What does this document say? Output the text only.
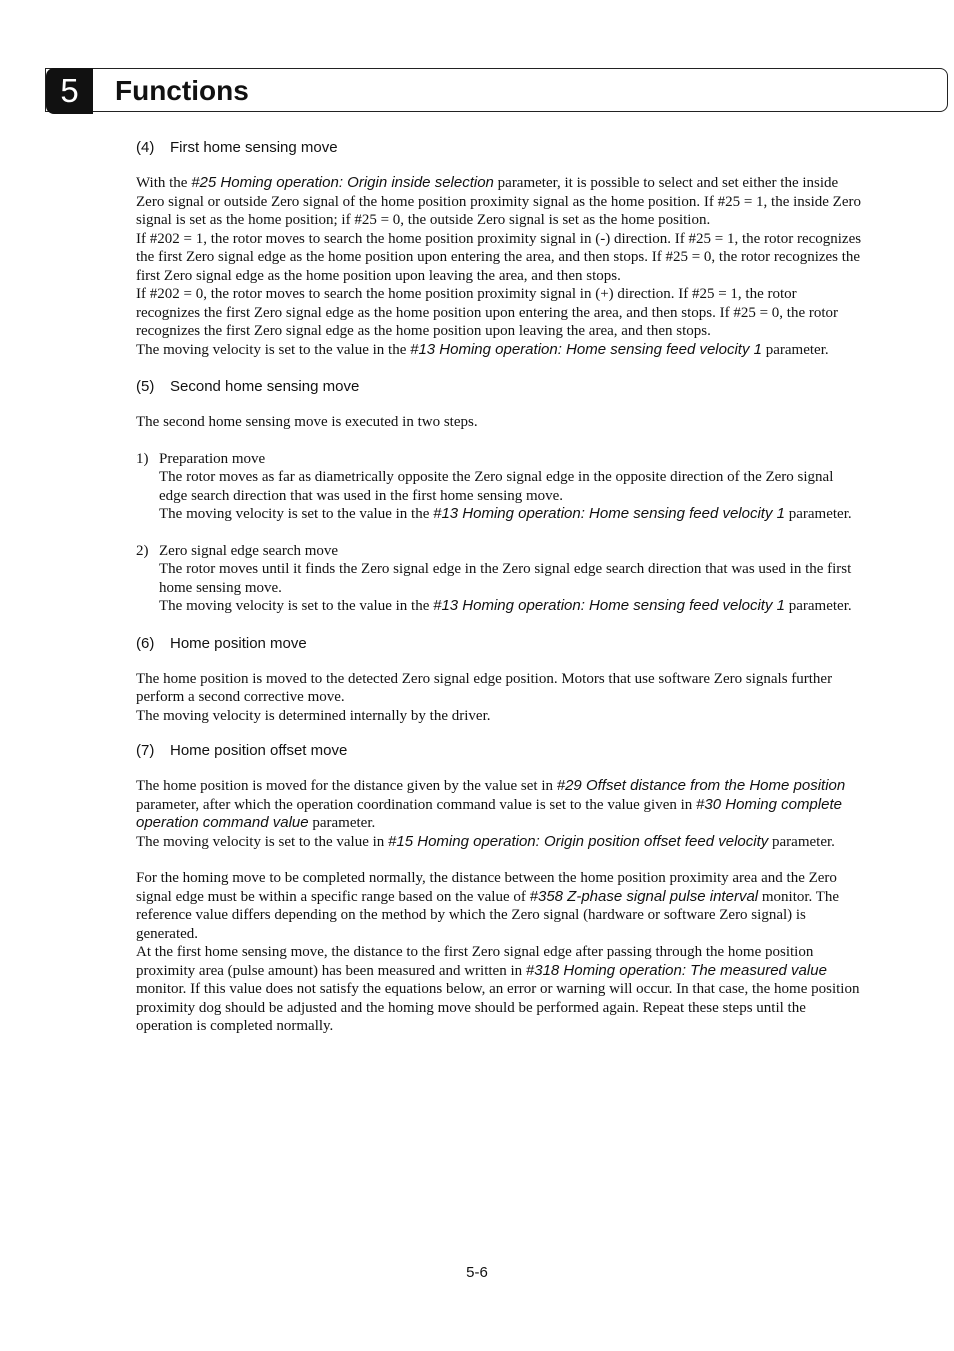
5	Functions
(4) First home sensing move

With the #25 Homing operation: Origin inside selection parameter, it is possible to select and set either the inside Zero signal or outside Zero signal of the home position proximity signal as the home position. If #25 = 1, the inside Zero signal is set as the home position; if #25 = 0, the outside Zero signal is set as the home position.

If #202 = 1, the rotor moves to search the home position proximity signal in (-) direction. If #25 = 1, the rotor recognizes the first Zero signal edge as the home position upon entering the area, and then stops. If #25 = 0, the rotor recognizes the first Zero signal edge as the home position upon leaving the area, and then stops.

If #202 = 0, the rotor moves to search the home position proximity signal in (+) direction. If #25 = 1, the rotor recognizes the first Zero signal edge as the home position upon entering the area, and then stops. If #25 = 0, the rotor recognizes the first Zero signal edge as the home position upon leaving the area, and then stops.

The moving velocity is set to the value in the #13 Homing operation: Home sensing feed velocity 1 parameter.

(5) Second home sensing move

The second home sensing move is executed in two steps.

1) Preparation move

The rotor moves as far as diametrically opposite the Zero signal edge in the opposite direction of the Zero signal edge search direction that was used in the first home sensing move.

The moving velocity is set to the value in the #13 Homing operation: Home sensing feed velocity 1 parameter.

2) Zero signal edge search move

The rotor moves until it finds the Zero signal edge in the Zero signal edge search direction that was used in the first home sensing move.

The moving velocity is set to the value in the #13 Homing operation: Home sensing feed velocity 1 parameter.

(6) Home position move

The home position is moved to the detected Zero signal edge position. Motors that use software Zero signals further perform a second corrective move.

The moving velocity is determined internally by the driver.

(7) Home position offset move

The home position is moved for the distance given by the value set in #29 Offset distance from the Home position parameter, after which the operation coordination command value is set to the value given in #30 Homing complete operation command value parameter.

The moving velocity is set to the value in #15 Homing operation: Origin position offset feed velocity parameter.

For the homing move to be completed normally, the distance between the home position proximity area and the Zero signal edge must be within a specific range based on the value of #358 Z-phase signal pulse interval monitor. The reference value differs depending on the method by which the Zero signal (hardware or software Zero signal) is generated.

At the first home sensing move, the distance to the first Zero signal edge after passing through the home position proximity area (pulse amount) has been measured and written in #318 Homing operation: The measured value monitor. If this value does not satisfy the equations below, an error or warning will occur. In that case, the home position proximity dog should be adjusted and the homing move should be performed again. Repeat these steps until the operation is completed normally.

5-6
